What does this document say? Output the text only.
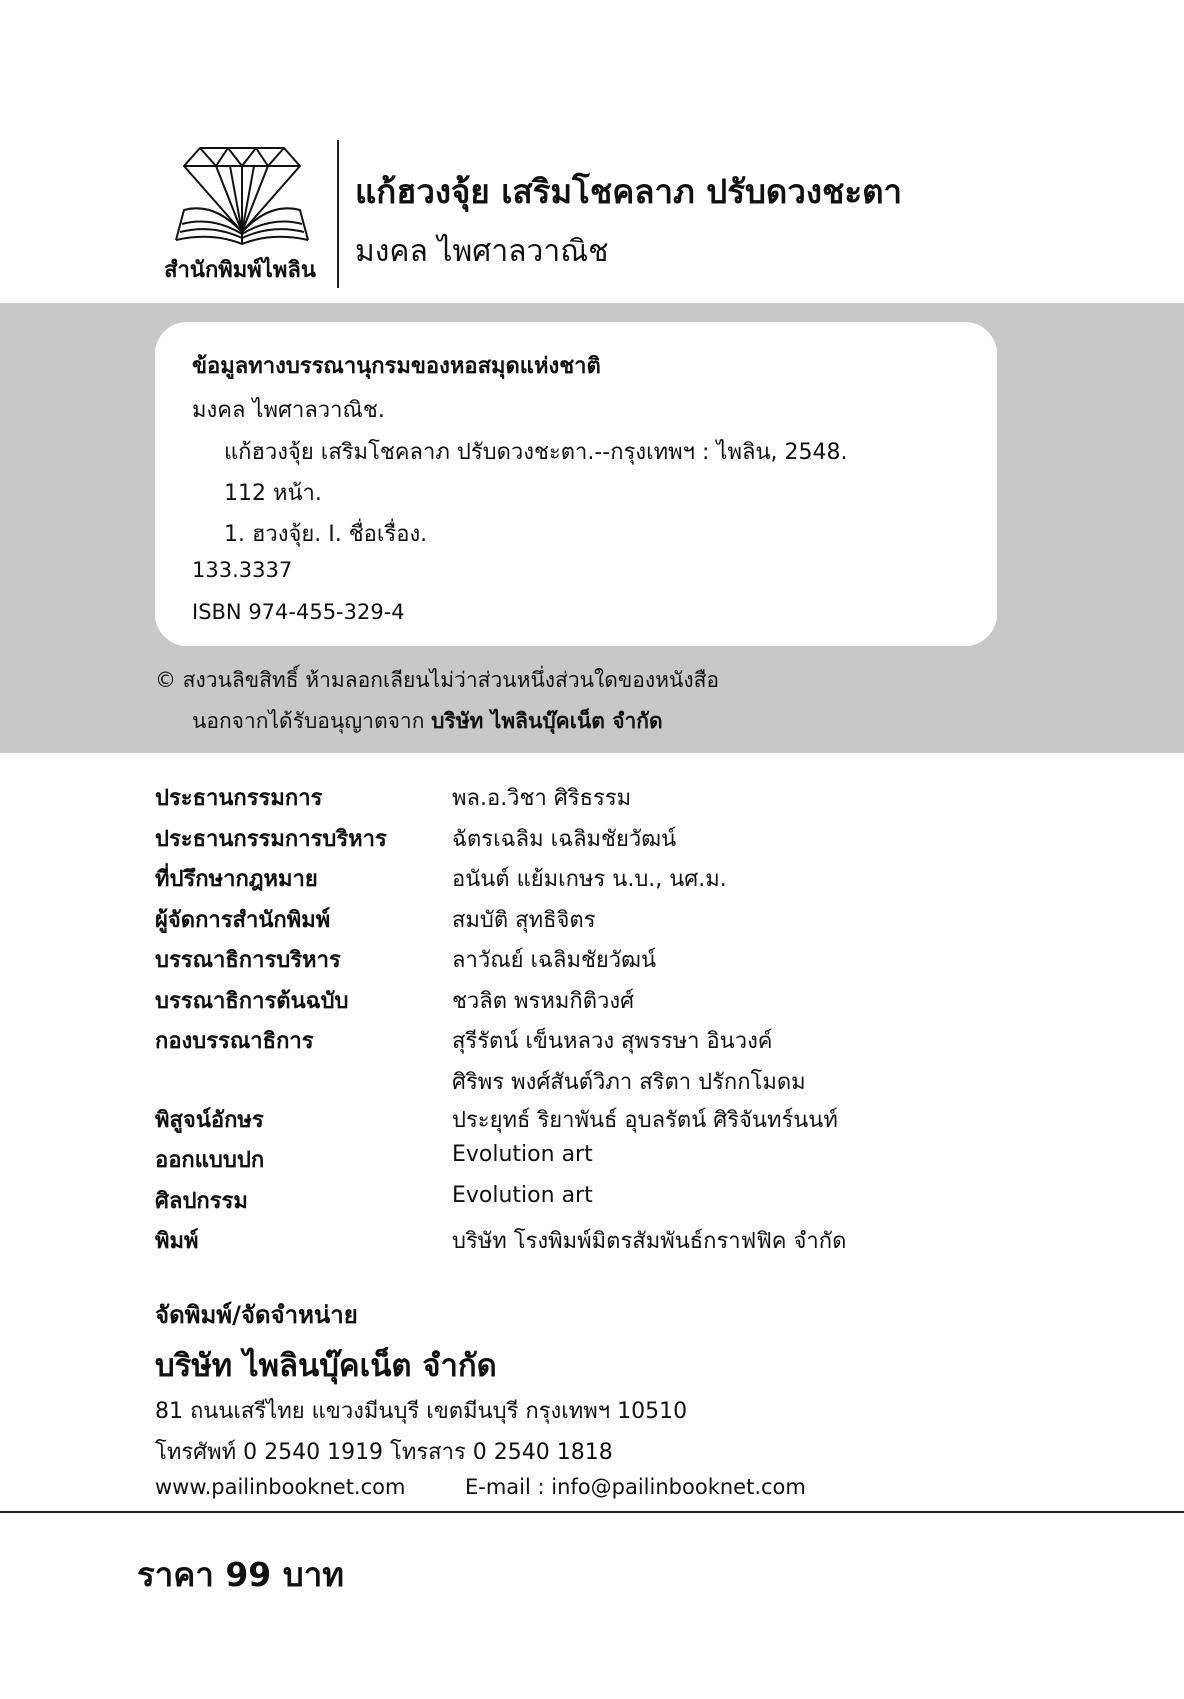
สำนักพิมพ์ไพลิน
แก้ฮวงจุ้ย เสริมโชคลาภ ปรับดวงชะตา
มงคล ไพศาลวาณิช
ข้อมูลทางบรรณานุกรมของหอสมุดแห่งชาติ
มงคล ไพศาลวาณิช.
แก้ฮวงจุ้ย เสริมโชคลาภ ปรับดวงชะตา.--กรุงเทพฯ : ไพลิน, 2548.
112 หน้า.
1. ฮวงจุ้ย. I. ชื่อเรื่อง.
133.3337
ISBN 974-455-329-4
© สงวนลิขสิทธิ์ ห้ามลอกเลียนไม่ว่าส่วนหนึ่งส่วนใดของหนังสือ
นอกจากได้รับอนุญาตจาก บริษัท ไพลินบุ๊คเน็ต จำกัด
ประธานกรรมการ	พล.อ.วิชา ศิริธรรม
ประธานกรรมการบริหาร	ฉัตรเฉลิม เฉลิมชัยวัฒน์
ที่ปรึกษากฎหมาย	อนันต์ แย้มเกษร น.บ., นศ.ม.
ผู้จัดการสำนักพิมพ์	สมบัติ สุทธิจิตร
บรรณาธิการบริหาร	ลาวัณย์ เฉลิมชัยวัฒน์
บรรณาธิการต้นฉบับ	ชวลิต พรหมกิติวงศ์
กองบรรณาธิการ	สุรีรัตน์ เข็นหลวง สุพรรษา อินวงค์
ศิริพร พงศ์สันต์วิภา สริตา ปรักกโมดม
พิสูจน์อักษร	ประยุทธ์ ริยาพันธ์ อุบลรัตน์ ศิริจันทร์นนท์
ออกแบบปก	Evolution art
ศิลปกรรม	Evolution art
พิมพ์	บริษัท โรงพิมพ์มิตรสัมพันธ์กราฟฟิค จำกัด
จัดพิมพ์/จัดจำหน่าย
บริษัท ไพลินบุ๊คเน็ต จำกัด
81 ถนนเสรีไทย แขวงมีนบุรี เขตมีนบุรี กรุงเทพฯ 10510
โทรศัพท์ 0 2540 1919 โทรสาร 0 2540 1818
www.pailinbooknet.com	E-mail : info@pailinbooknet.com
ราคา 99 บาท
